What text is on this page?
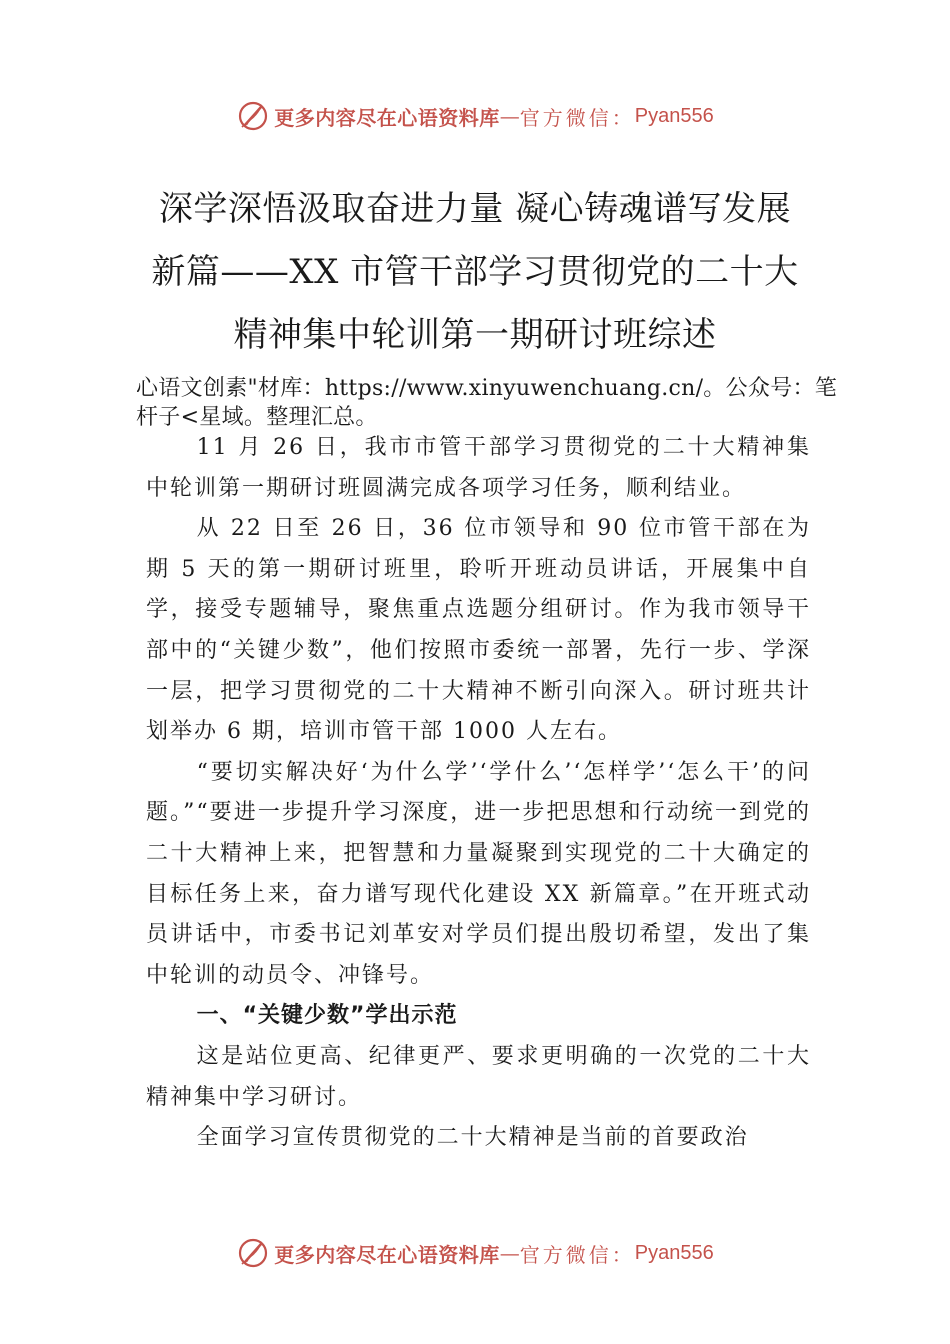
更多内容尽在心语资料库 — 官方微信： Pyan556
深学深悟汲取奋进力量 凝心铸魂谱写发展
新篇——XX 市管干部学习贯彻党的二十大
精神集中轮训第一期研讨班综述
心语文创素"材库：https://www.xinyuwenchuang.cn/。公众号：笔杆子<星域。整理汇总。

11 月 26 日，我市市管干部学习贯彻党的二十大精神集中轮训第一期研讨班圆满完成各项学习任务，顺利结业。

从 22 日至 26 日，36 位市领导和 90 位市管干部在为期 5 天的第一期研讨班里，聆听开班动员讲话，开展集中自学，接受专题辅导，聚焦重点选题分组研讨。作为我市领导干部中的“关键少数”，他们按照市委统一部署，先行一步、学深一层，把学习贯彻党的二十大精神不断引向深入。研讨班共计划举办 6 期，培训市管干部 1000 人左右。

“要切实解决好‘为什么学’‘学什么’‘怎样学’‘怎么干’的问题。”“要进一步提升学习深度，进一步把思想和行动统一到党的二十大精神上来，把智慧和力量凝聚到实现党的二十大确定的目标任务上来，奋力谱写现代化建设 XX 新篇章。”在开班式动员讲话中，市委书记刘革安对学员们提出殷切希望，发出了集中轮训的动员令、冲锋号。

一、“关键少数”学出示范

这是站位更高、纪律更严、要求更明确的一次党的二十大精神集中学习研讨。

全面学习宣传贯彻党的二十大精神是当前的首要政治

更多内容尽在心语资料库 — 官方微信： Pyan556
